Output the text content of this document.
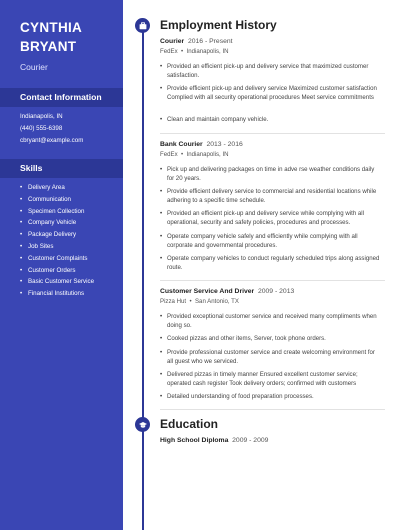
CYNTHIA
BRYANT
Courier
Contact Information
Indianapolis, IN
(440) 555-6398
cbryant@example.com
Skills
• Delivery Area
• Communication
• Specimen Collection
• Company Vehicle
• Package Delivery
• Job Sites
• Customer Complaints
• Customer Orders
• Basic Customer Service
• Financial Institutions
Employment History
Courier 2016 - Present
FedEx  •  Indianapolis, IN
• Provided an efficient pick-up and delivery service that maximized customer satisfaction.
• Provide efficient pick-up and delivery service Maximized customer satisfaction Complied with all security operational procedures Meet service commitments
• Clean and maintain company vehicle.
Bank Courier 2013 - 2016
FedEx  •  Indianapolis, IN
• Pick up and delivering packages on time in adve rse weather conditions daily for 20 years.
• Provide efficient delivery service to commercial and residential locations while adhering to a specific time schedule.
• Provided an efficient pick-up and delivery service while complying with all operational, security and safety policies, procedures and processes.
• Operate company vehicle safely and efficiently while complying with all corporate and governmental procedures.
• Operate company vehicles to conduct regularly scheduled trips along assigned route.
Customer Service And Driver 2009 - 2013
Pizza Hut  •  San Antonio, TX
• Provided exceptional customer service and received many compliments when doing so.
• Cooked pizzas and other items, Server, took phone orders.
• Provide professional customer service and create welcoming environment for all guest who we serviced.
• Delivered pizzas in timely manner Ensured excellent customer service; operated cash register Took delivery orders; confirmed with customers
• Detailed understanding of food preparation processes.
Education
High School Diploma 2009 - 2009
